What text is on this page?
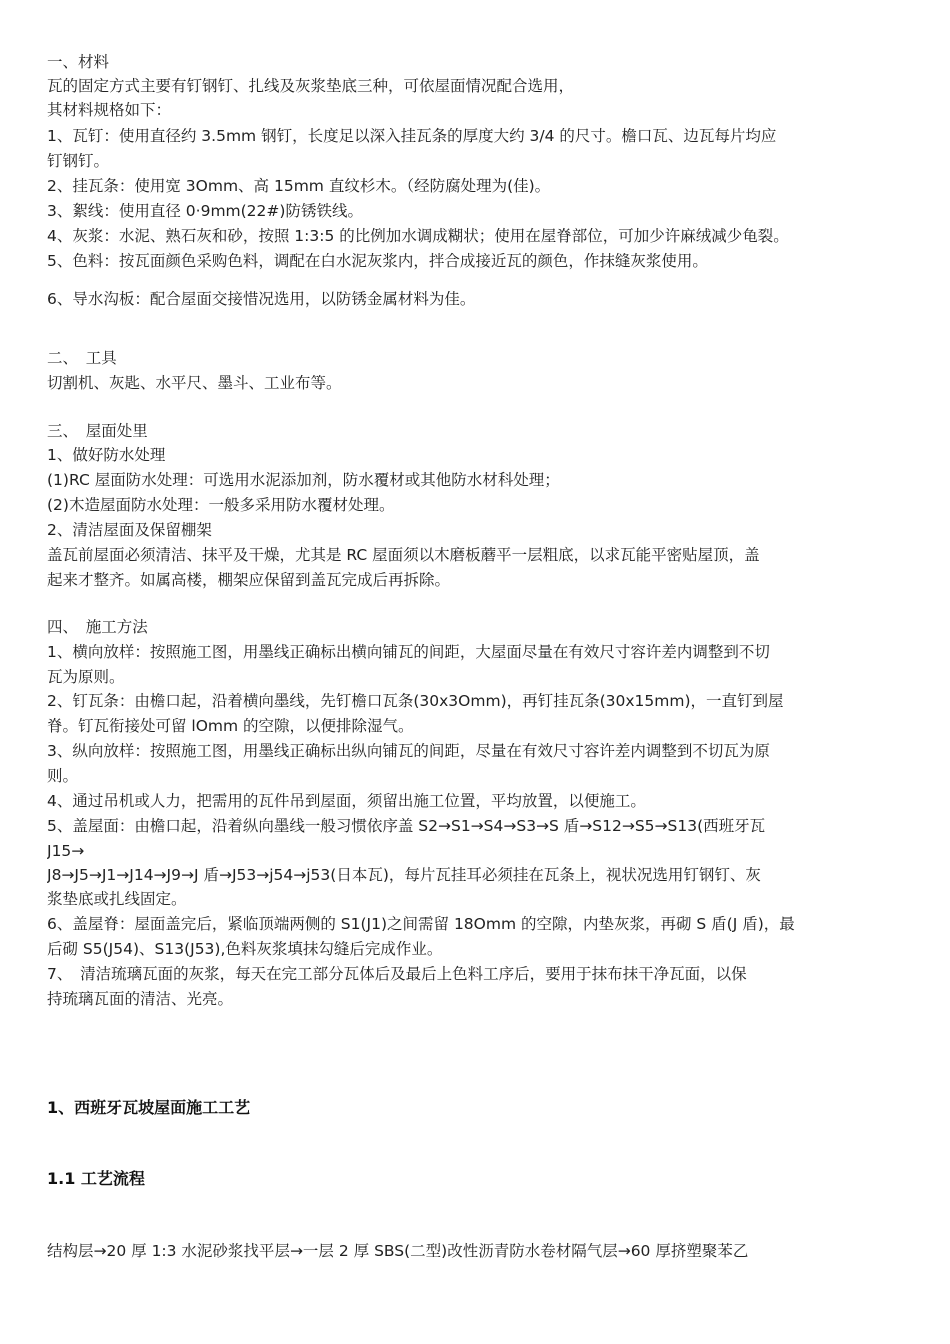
一、材料
瓦的固定方式主要有钉钢钉、扎线及灰浆垫底三种，可依屋面情况配合选用，
其材料规格如下：
1、瓦钉：使用直径约 3.5mm 钢钉，长度足以深入挂瓦条的厚度大约 3/4 的尺寸。檐口瓦、边瓦每片均应
钉钢钉。
2、挂瓦条：使用宽 3Omm、高 15mm 直纹杉木。（经防腐处理为(佳)。
3、絮线：使用直径 0·9mm(22#)防锈铁线。
4、灰浆：水泥、熟石灰和砂，按照 1:3:5 的比例加水调成糊状；使用在屋脊部位，可加少许麻绒减少龟裂。
5、色料：按瓦面颜色采购色料，调配在白水泥灰浆内，拌合成接近瓦的颜色，作抹缝灰浆使用。
6、导水沟板：配合屋面交接惜况选用，以防锈金属材料为佳。
二、　工具
切割机、灰匙、水平尺、墨斗、工业布等。
三、　屋面处里
1、做好防水处理
(1)RC 屋面防水处理：可选用水泥添加剂，防水覆材或其他防水材科处理；
(2)木造屋面防水处理：一般多采用防水覆材处理。
2、清洁屋面及保留棚架
盖瓦前屋面必须清洁、抹平及干燥，尤其是 RC 屋面须以木磨板蘑平一层粗底，以求瓦能平密贴屋顶，盖
起来才整齐。如属高楼，棚架应保留到盖瓦完成后再拆除。
四、　施工方法
1、横向放样：按照施工图，用墨线正确标出横向铺瓦的间距，大屋面尽量在有效尺寸容许差内调整到不切
瓦为原则。
2、钉瓦条：由檐口起，沿着横向墨线，先钉檐口瓦条(30x3Omm)，再钉挂瓦条(30x15mm)，一直钉到屋
脊。钉瓦衔接处可留 lOmm 的空隙，以便排除湿气。
3、纵向放样：按照施工图，用墨线正确标出纵向铺瓦的间距，尽量在有效尺寸容许差内调整到不切瓦为原
则。
4、通过吊机或人力，把需用的瓦件吊到屋面，须留出施工位置，平均放置，以便施工。
5、盖屋面：由檐口起，沿着纵向墨线一般习惯依序盖 S2→S1→S4→S3→S 盾→S12→S5→S13(西班牙瓦
J15→
J8→J5→J1→J14→J9→J 盾→J53→j54→j53(日本瓦)，每片瓦挂耳必须挂在瓦条上，视状况选用钉钢钉、灰
浆垫底或扎线固定。
6、盖屋脊：屋面盖完后，紧临顶端两侧的 S1(J1)之间需留 18Omm 的空隙，内垫灰浆，再砌 S 盾(J 盾)，最
后砌 S5(J54)、S13(J53),色料灰浆填抹勾缝后完成作业。
7、　清洁琉璃瓦面的灰浆，每天在完工部分瓦体后及最后上色料工序后，要用于抹布抹干净瓦面，以保
持琉璃瓦面的清洁、光亮。
1、西班牙瓦坡屋面施工工艺
1.1 工艺流程
结构层→20 厚 1:3 水泥砂浆找平层→一层 2 厚 SBS(二型)改性沥青防水卷材隔气层→60 厚挤塑聚苯乙
